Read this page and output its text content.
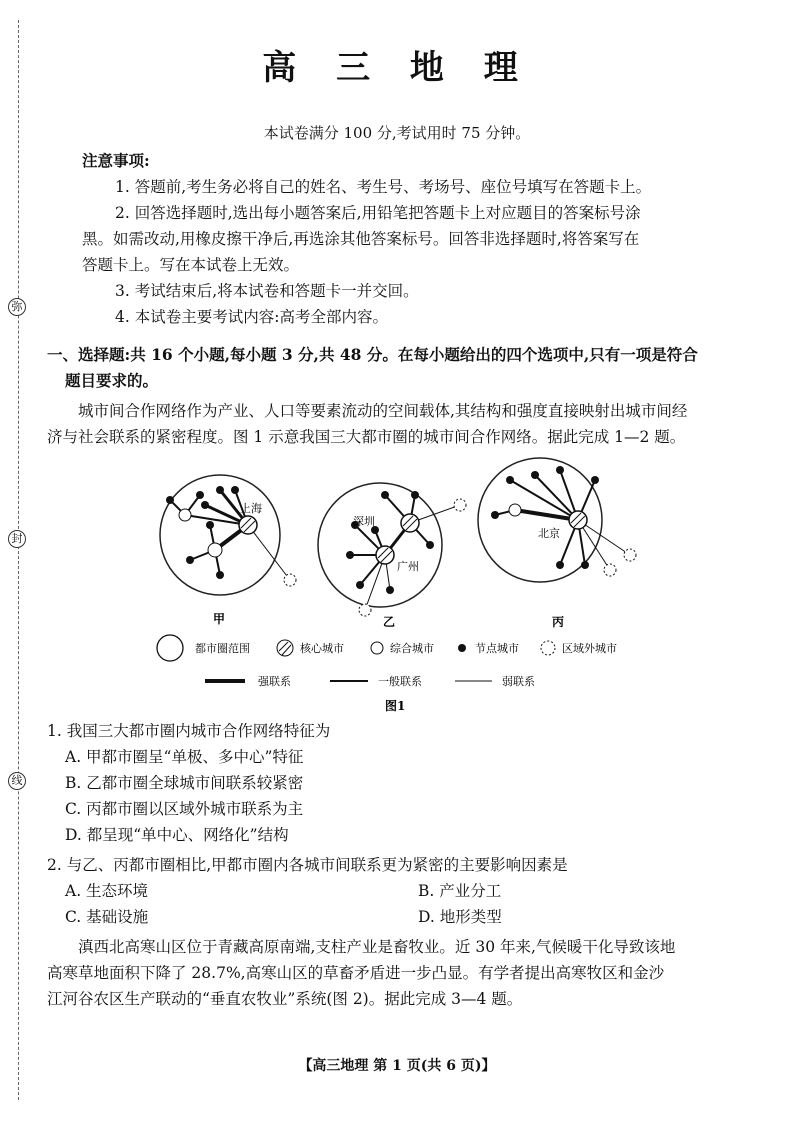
弥
封
线
高 三 地 理
本试卷满分 100 分,考试用时 75 分钟。
注意事项:
1. 答题前,考生务必将自己的姓名、考生号、考场号、座位号填写在答题卡上。
2. 回答选择题时,选出每小题答案后,用铅笔把答题卡上对应题目的答案标号涂
黑。如需改动,用橡皮擦干净后,再选涂其他答案标号。回答非选择题时,将答案写在
答题卡上。写在本试卷上无效。
3. 考试结束后,将本试卷和答题卡一并交回。
4. 本试卷主要考试内容:高考全部内容。
一、选择题:共 16 个小题,每小题 3 分,共 48 分。在每小题给出的四个选项中,只有一项是符合
题目要求的。
城市间合作网络作为产业、人口等要素流动的空间载体,其结构和强度直接映射出城市间经
济与社会联系的紧密程度。图 1 示意我国三大都市圈的城市间合作网络。据此完成 1—2 题。
上海
甲
深圳
广州
乙
北京
丙
都市圈范围	核心城市	综合城市	节点城市	区域外城市
强联系	一般联系	弱联系
图1
1. 我国三大都市圈内城市合作网络特征为
A. 甲都市圈呈“单极、多中心”特征
B. 乙都市圈全球城市间联系较紧密
C. 丙都市圈以区域外城市联系为主
D. 都呈现“单中心、网络化”结构
2. 与乙、丙都市圈相比,甲都市圈内各城市间联系更为紧密的主要影响因素是
A. 生态环境	B. 产业分工
C. 基础设施	D. 地形类型
滇西北高寒山区位于青藏高原南端,支柱产业是畜牧业。近 30 年来,气候暖干化导致该地
高寒草地面积下降了 28.7%,高寒山区的草畜矛盾进一步凸显。有学者提出高寒牧区和金沙
江河谷农区生产联动的“垂直农牧业”系统(图 2)。据此完成 3—4 题。
【高三地理 第 1 页(共 6 页)】
